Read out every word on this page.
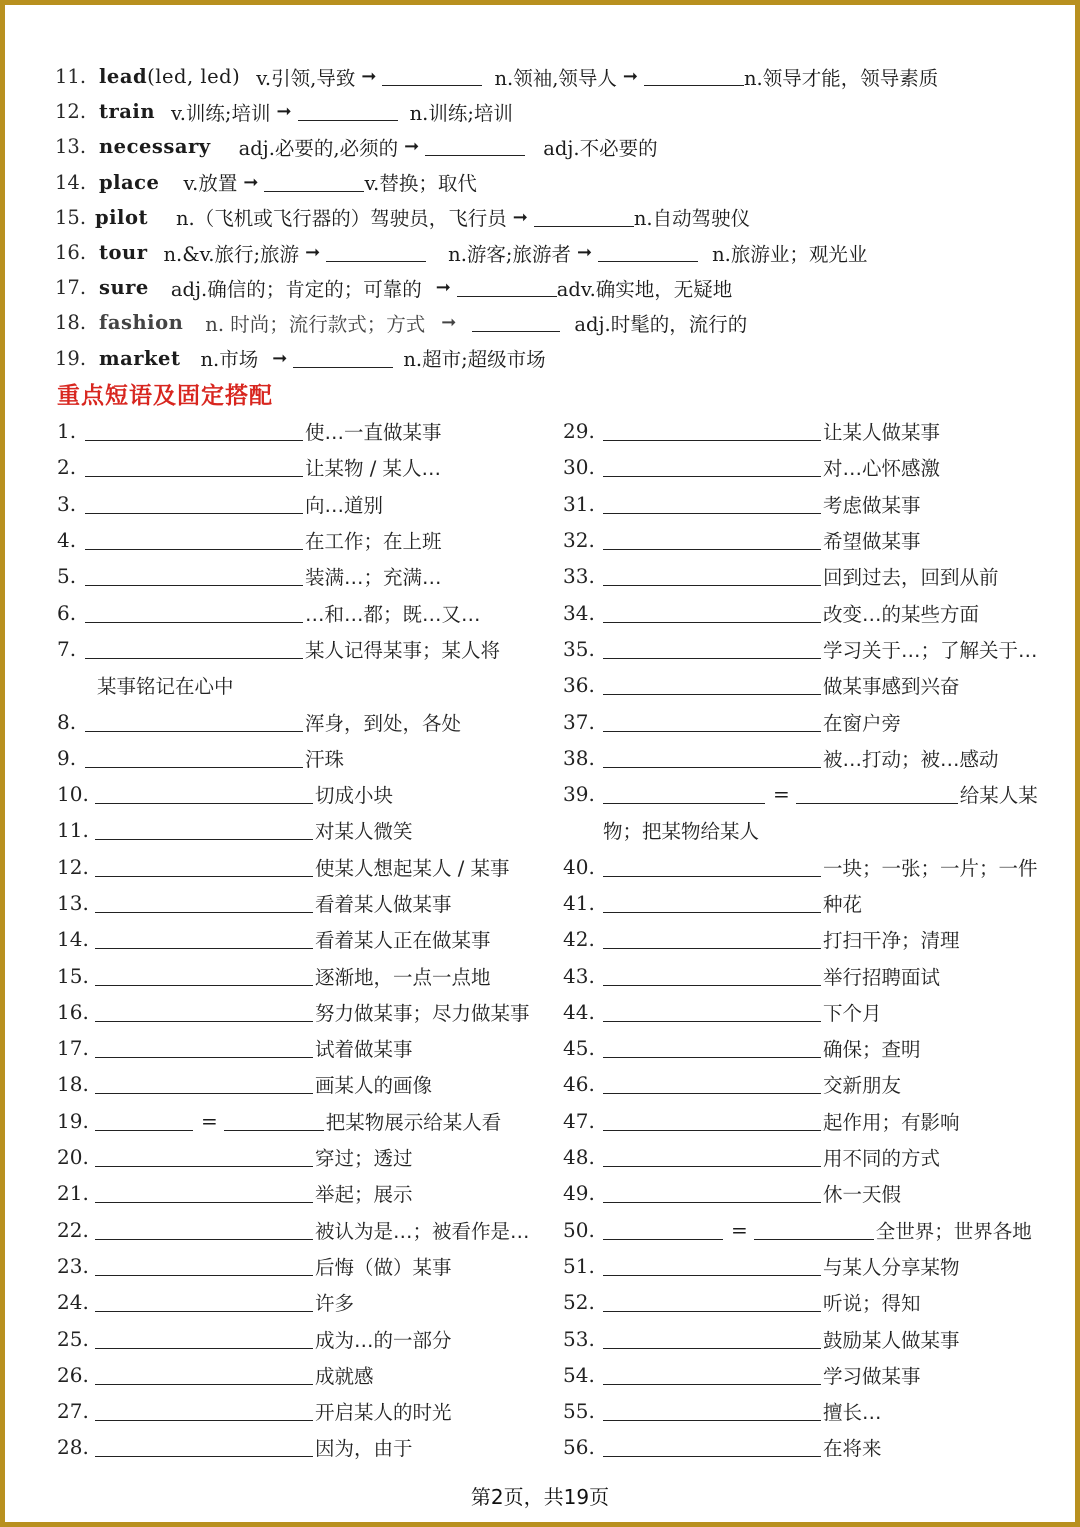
11. lead(led, led) v.引领,导致 ➞	n.领袖,领导人 ➞	n.领导才能，领导素质
12. train v.训练;培训 ➞	n.训练;培训
13. necessary adj.必要的,必须的 ➞	adj.不必要的
14. place v.放置 ➞	v.替换；取代
15. pilot n.（飞机或飞行器的）驾驶员，飞行员 ➞	n.自动驾驶仪
16. tour n.&v.旅行;旅游 ➞	n.游客;旅游者 ➞	n.旅游业；观光业
17. sure adj.确信的；肯定的；可靠的 ➞	adv.确实地，无疑地
18. fashion n. 时尚；流行款式；方式 ➞	adj.时髦的，流行的
19. market n.市场 ➞	n.超市;超级市场
重点短语及固定搭配
1.	使…一直做某事
2.	让某物 / 某人…
3.	向…道别
4.	在工作；在上班
5.	装满…；充满…
6.	…和…都；既…又…
7.	某人记得某事；某人将
某事铭记在心中
8.	浑身，到处，各处
9.	汗珠
10.	切成小块
11.	对某人微笑
12.	使某人想起某人 / 某事
13.	看着某人做某事
14.	看着某人正在做某事
15.	逐渐地，一点一点地
16.	努力做某事；尽力做某事
17.	试着做某事
18.	画某人的画像
19.	=	把某物展示给某人看
20.	穿过；透过
21.	举起；展示
22.	被认为是…；被看作是…
23.	后悔（做）某事
24.	许多
25.	成为…的一部分
26.	成就感
27.	开启某人的时光
28.	因为，由于
29.	让某人做某事
30.	对…心怀感激
31.	考虑做某事
32.	希望做某事
33.	回到过去，回到从前
34.	改变…的某些方面
35.	学习关于…；了解关于…
36.	做某事感到兴奋
37.	在窗户旁
38.	被…打动；被…感动
39.	=	给某人某
物；把某物给某人
40.	一块；一张；一片；一件
41.	种花
42.	打扫干净；清理
43.	举行招聘面试
44.	下个月
45.	确保；查明
46.	交新朋友
47.	起作用；有影响
48.	用不同的方式
49.	休一天假
50.	=	全世界；世界各地
51.	与某人分享某物
52.	听说；得知
53.	鼓励某人做某事
54.	学习做某事
55.	擅长…
56.	在将来
第2页，共19页
